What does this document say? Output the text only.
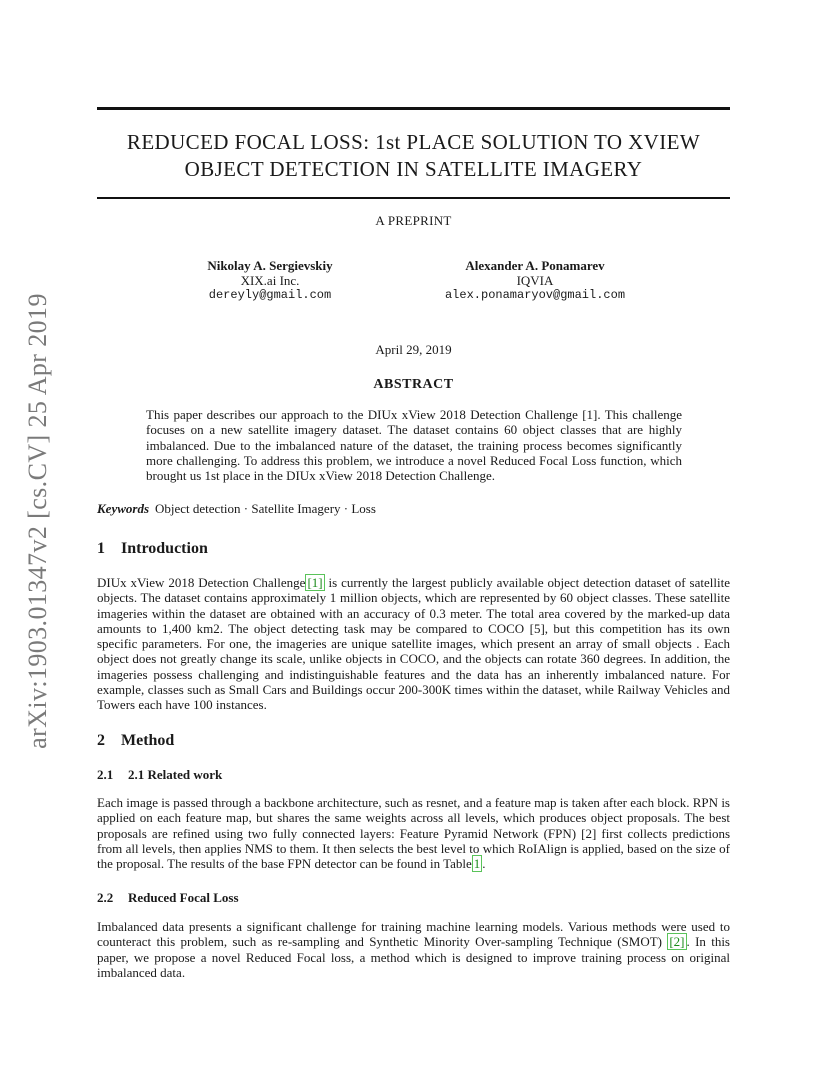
arXiv:1903.01347v2 [cs.CV] 25 Apr 2019
REDUCED FOCAL LOSS: 1st PLACE SOLUTION TO XVIEW
OBJECT DETECTION IN SATELLITE IMAGERY
A PREPRINT
Nikolay A. Sergievskiy
XIX.ai Inc.
dereyly@gmail.com
Alexander A. Ponamarev
IQVIA
alex.ponamaryov@gmail.com
April 29, 2019
ABSTRACT
This paper describes our approach to the DIUx xView 2018 Detection Challenge [1]. This challenge focuses on a new satellite imagery dataset. The dataset contains 60 object classes that are highly imbalanced. Due to the imbalanced nature of the dataset, the training process becomes significantly more challenging. To address this problem, we introduce a novel Reduced Focal Loss function, which brought us 1st place in the DIUx xView 2018 Detection Challenge.
Keywords Object detection · Satellite Imagery · Loss
1 Introduction
DIUx xView 2018 Detection Challenge [1] is currently the largest publicly available object detection dataset of satellite objects. The dataset contains approximately 1 million objects, which are represented by 60 object classes. These satellite imageries within the dataset are obtained with an accuracy of 0.3 meter. The total area covered by the marked-up data amounts to 1,400 km2. The object detecting task may be compared to COCO [5], but this competition has its own specific parameters. For one, the imageries are unique satellite images, which present an array of small objects . Each object does not greatly change its scale, unlike objects in COCO, and the objects can rotate 360 degrees. In addition, the imageries possess challenging and indistinguishable features and the data has an inherently imbalanced nature. For example, classes such as Small Cars and Buildings occur 200-300K times within the dataset, while Railway Vehicles and Towers each have 100 instances.
2 Method
2.1 2.1 Related work
Each image is passed through a backbone architecture, such as resnet, and a feature map is taken after each block. RPN is applied on each feature map, but shares the same weights across all levels, which produces object proposals. The best proposals are refined using two fully connected layers: Feature Pyramid Network (FPN) [2] first collects predictions from all levels, then applies NMS to them. It then selects the best level to which RoIAlign is applied, based on the size of the proposal. The results of the base FPN detector can be found in Table 1 .
2.2 Reduced Focal Loss
Imbalanced data presents a significant challenge for training machine learning models. Various methods were used to counteract this problem, such as re-sampling and Synthetic Minority Over-sampling Technique (SMOT) [2] . In this paper, we propose a novel Reduced Focal loss, a method which is designed to improve training process on original imbalanced data.
